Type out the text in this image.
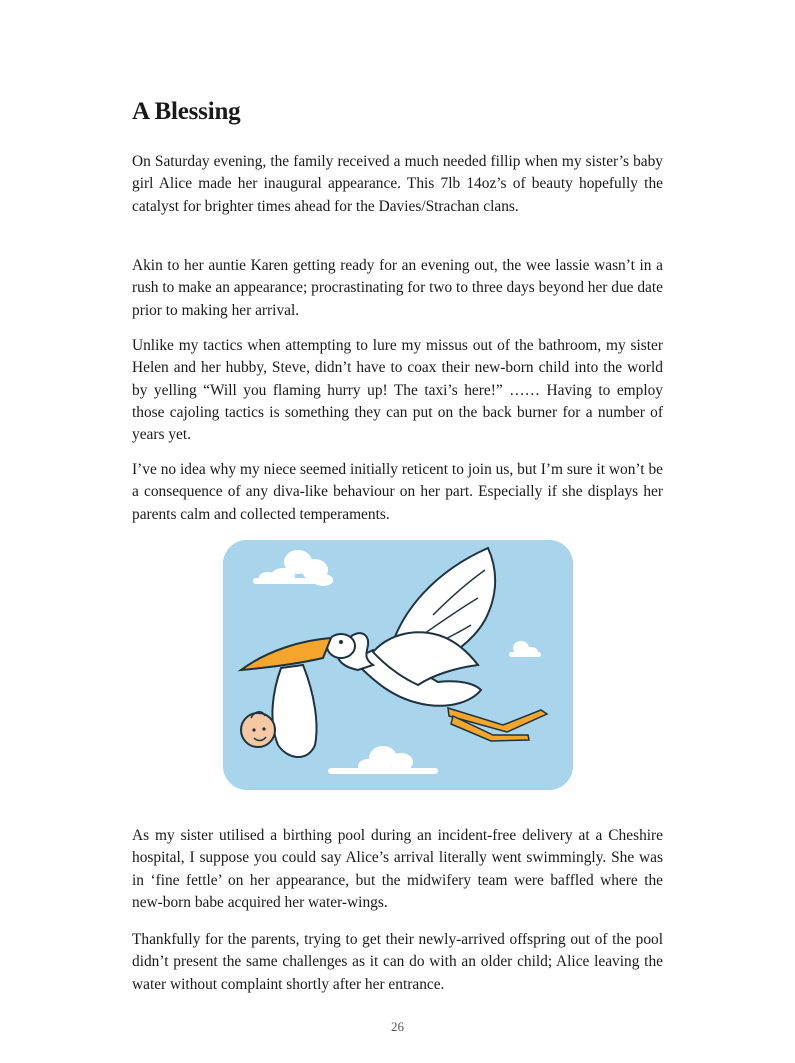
A Blessing

On Saturday evening, the family received a much needed fillip when my sister’s baby girl Alice made her inaugural appearance. This 7lb 14oz’s of beauty hopefully the catalyst for brighter times ahead for the Davies/Strachan clans.

Akin to her auntie Karen getting ready for an evening out, the wee lassie wasn’t in a rush to make an appearance; procrastinating for two to three days beyond her due date prior to making her arrival.

Unlike my tactics when attempting to lure my missus out of the bathroom, my sister Helen and her hubby, Steve, didn’t have to coax their new-born child into the world by yelling “Will you flaming hurry up! The taxi’s here!” …… Having to employ those cajoling tactics is something they can put on the back burner for a number of years yet.

I’ve no idea why my niece seemed initially reticent to join us, but I’m sure it won’t be a consequence of any diva-like behaviour on her part. Especially if she displays her parents calm and collected temperaments.

As my sister utilised a birthing pool during an incident-free delivery at a Cheshire hospital, I suppose you could say Alice’s arrival literally went swimmingly. She was in ‘fine fettle’ on her appearance, but the midwifery team were baffled where the new-born babe acquired her water-wings.

Thankfully for the parents, trying to get their newly-arrived offspring out of the pool didn’t present the same challenges as it can do with an older child; Alice leaving the water without complaint shortly after her entrance.

26
